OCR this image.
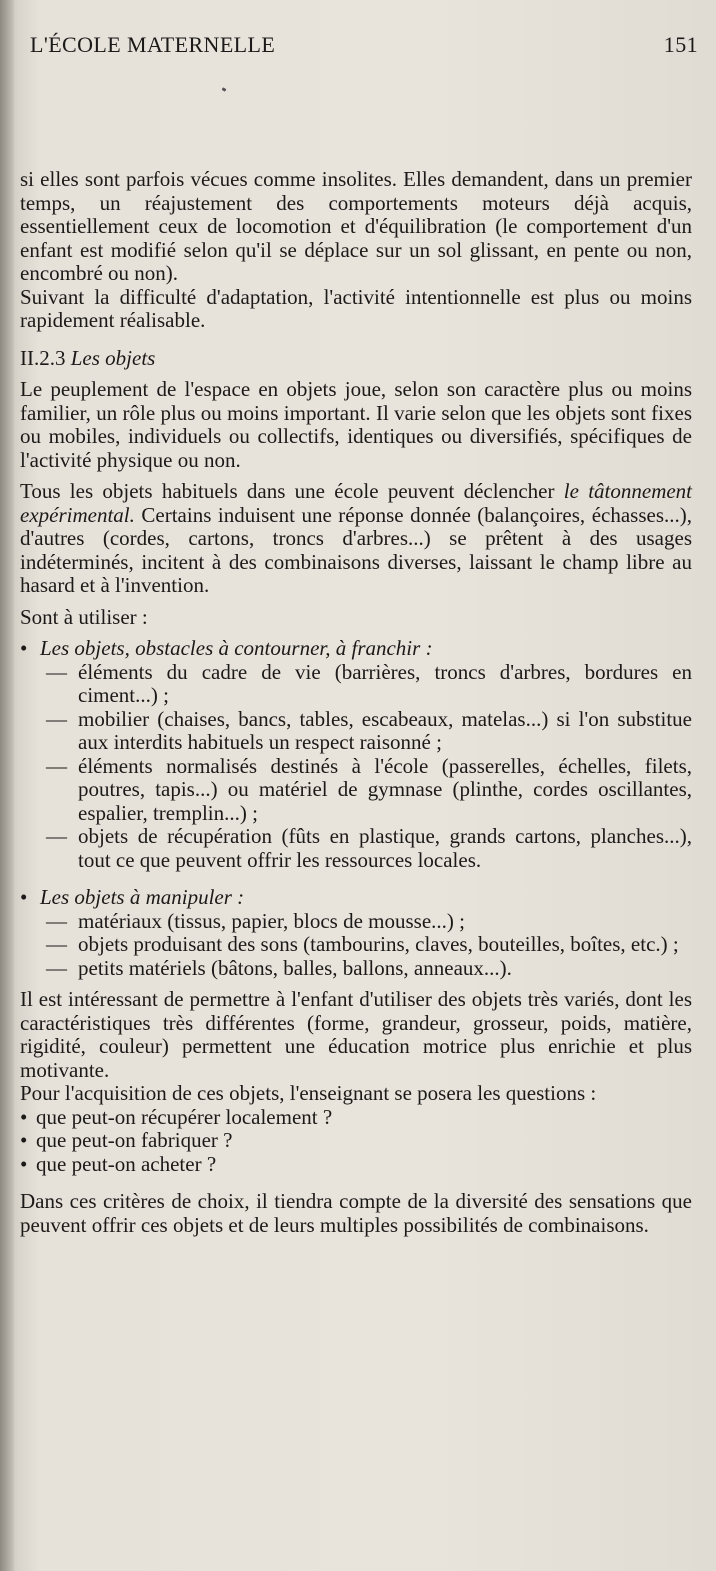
L'ÉCOLE MATERNELLE	151

si elles sont parfois vécues comme insolites. Elles demandent, dans un premier temps, un réajustement des comportements moteurs déjà acquis, essentiellement ceux de locomotion et d'équilibration (le comportement d'un enfant est modifié selon qu'il se déplace sur un sol glissant, en pente ou non, encombré ou non).

Suivant la difficulté d'adaptation, l'activité intentionnelle est plus ou moins rapidement réalisable.

II.2.3 Les objets

Le peuplement de l'espace en objets joue, selon son caractère plus ou moins familier, un rôle plus ou moins important. Il varie selon que les objets sont fixes ou mobiles, individuels ou collectifs, identiques ou diversifiés, spécifiques de l'activité physique ou non.

Tous les objets habituels dans une école peuvent déclencher le tâtonnement expérimental. Certains induisent une réponse donnée (balançoires, échasses...), d'autres (cordes, cartons, troncs d'arbres...) se prêtent à des usages indéterminés, incitent à des combinaisons diverses, laissant le champ libre au hasard et à l'invention.

Sont à utiliser :

• Les objets, obstacles à contourner, à franchir :

— éléments du cadre de vie (barrières, troncs d'arbres, bordures en ciment...) ;
— mobilier (chaises, bancs, tables, escabeaux, matelas...) si l'on substitue aux interdits habituels un respect raisonné ;
— éléments normalisés destinés à l'école (passerelles, échelles, filets, poutres, tapis...) ou matériel de gymnase (plinthe, cordes oscillantes, espalier, tremplin...) ;
— objets de récupération (fûts en plastique, grands cartons, planches...), tout ce que peuvent offrir les ressources locales.

• Les objets à manipuler :

— matériaux (tissus, papier, blocs de mousse...) ;
— objets produisant des sons (tambourins, claves, bouteilles, boîtes, etc.) ;
— petits matériels (bâtons, balles, ballons, anneaux...).

Il est intéressant de permettre à l'enfant d'utiliser des objets très variés, dont les caractéristiques très différentes (forme, grandeur, grosseur, poids, matière, rigidité, couleur) permettent une éducation motrice plus enrichie et plus motivante.

Pour l'acquisition de ces objets, l'enseignant se posera les questions :

• que peut-on récupérer localement ?
• que peut-on fabriquer ?
• que peut-on acheter ?

Dans ces critères de choix, il tiendra compte de la diversité des sensations que peuvent offrir ces objets et de leurs multiples possibilités de combinaisons.
